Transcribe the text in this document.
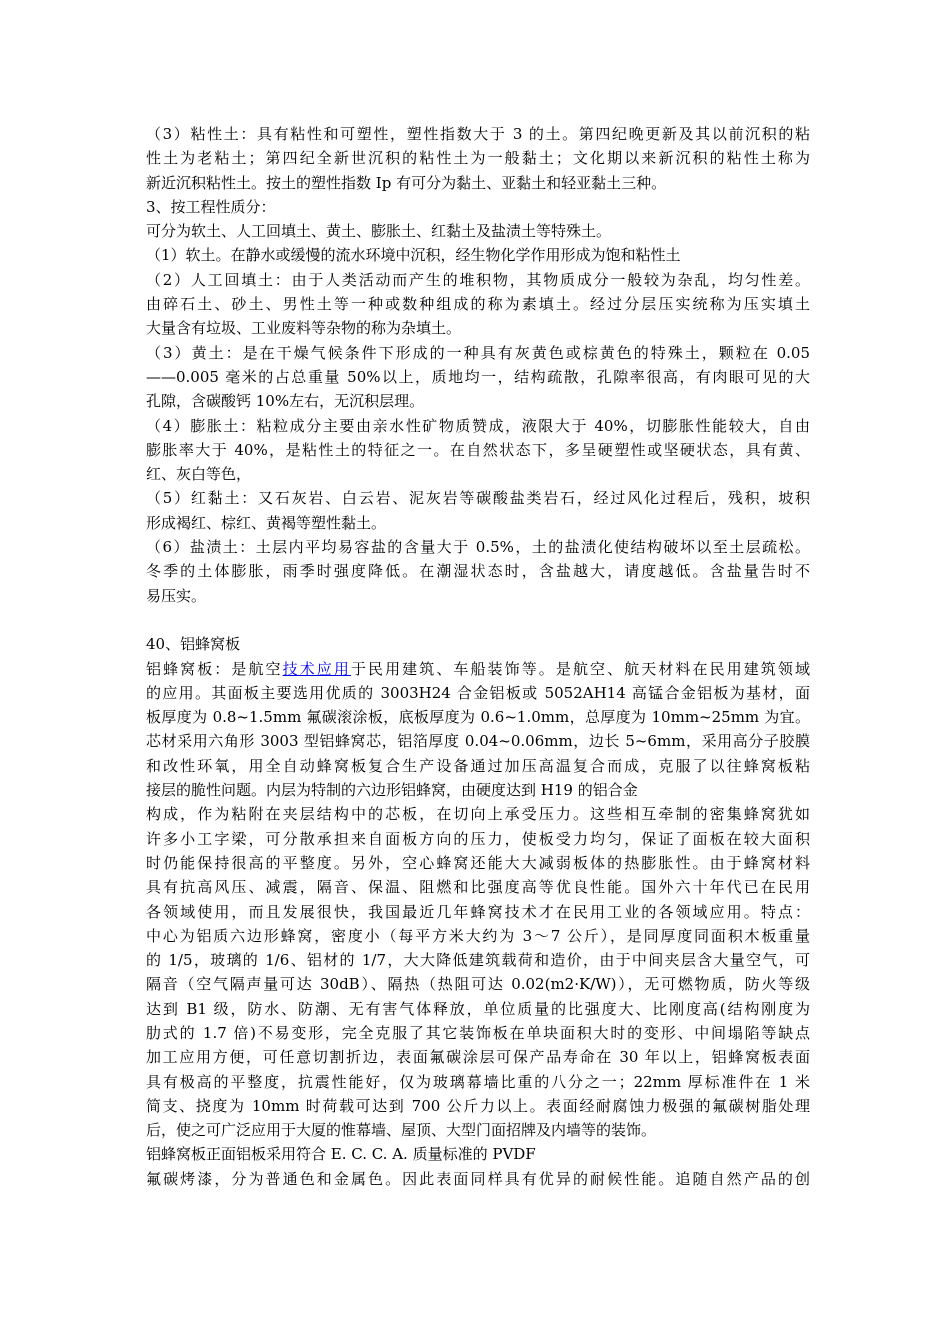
（3）粘性土：具有粘性和可塑性，塑性指数大于 3 的土。第四纪晚更新及其以前沉积的粘
性土为老粘土；第四纪全新世沉积的粘性土为一般黏土；文化期以来新沉积的粘性土称为
新近沉积粘性土。按土的塑性指数 Ip 有可分为黏土、亚黏土和轻亚黏土三种。
3、按工程性质分：
可分为软土、人工回填土、黄土、膨胀土、红黏土及盐渍土等特殊土。
（1）软土。在静水或缓慢的流水环境中沉积，经生物化学作用形成为饱和粘性土
（2）人工回填土：由于人类活动而产生的堆积物，其物质成分一般较为杂乱，均匀性差。
由碎石土、砂土、男性土等一种或数种组成的称为素填土。经过分层压实统称为压实填土
大量含有垃圾、工业废料等杂物的称为杂填土。
（3）黄土：是在干燥气候条件下形成的一种具有灰黄色或棕黄色的特殊土，颗粒在 0.05
——0.005 毫米的占总重量 50%以上，质地均一，结构疏散，孔隙率很高，有肉眼可见的大
孔隙，含碳酸钙 10%左右，无沉积层理。
（4）膨胀土：粘粒成分主要由亲水性矿物质赞成，液限大于 40%，切膨胀性能较大，自由
膨胀率大于 40%，是粘性土的特征之一。在自然状态下，多呈硬塑性或坚硬状态，具有黄、
红、灰白等色，
（5）红黏土：又石灰岩、白云岩、泥灰岩等碳酸盐类岩石，经过风化过程后，残积，坡积
形成褐红、棕红、黄褐等塑性黏土。
（6）盐渍土：土层内平均易容盐的含量大于 0.5%，土的盐渍化使结构破坏以至土层疏松。
冬季的土体膨胀，雨季时强度降低。在潮湿状态时，含盐越大，请度越低。含盐量告时不
易压实。
40、铝蜂窝板
铝蜂窝板：是航空技术应用于民用建筑、车船装饰等。是航空、航天材料在民用建筑领域
的应用。其面板主要选用优质的 3003H24 合金铝板或 5052AH14 高锰合金铝板为基材，面
板厚度为 0.8~1.5mm 氟碳滚涂板，底板厚度为 0.6~1.0mm，总厚度为 10mm~25mm 为宜。
芯材采用六角形 3003 型铝蜂窝芯，铝箔厚度 0.04~0.06mm，边长 5~6mm，采用高分子胶膜
和改性环氧，用全自动蜂窝板复合生产设备通过加压高温复合而成，克服了以往蜂窝板粘
接层的脆性问题。内层为特制的六边形铝蜂窝，由硬度达到 H19 的铝合金
构成，作为粘附在夹层结构中的芯板，在切向上承受压力。这些相互牵制的密集蜂窝犹如
许多小工字梁，可分散承担来自面板方向的压力，使板受力均匀，保证了面板在较大面积
时仍能保持很高的平整度。另外，空心蜂窝还能大大减弱板体的热膨胀性。由于蜂窝材料
具有抗高风压、减震，隔音、保温、阻燃和比强度高等优良性能。国外六十年代已在民用
各领域使用，而且发展很快，我国最近几年蜂窝技术才在民用工业的各领域应用。特点：
中心为铝质六边形蜂窝，密度小（每平方米大约为 3～7 公斤），是同厚度同面积木板重量
的 1/5，玻璃的 1/6、铝材的 1/7，大大降低建筑载荷和造价，由于中间夹层含大量空气，可
隔音（空气隔声量可达 30dB）、隔热（热阻可达 0.02(m2·K/W)），无可燃物质，防火等级
达到 B1 级，防水、防潮、无有害气体释放，单位质量的比强度大、比刚度高(结构刚度为
肋式的 1.7 倍)不易变形，完全克服了其它装饰板在单块面积大时的变形、中间塌陷等缺点
加工应用方便，可任意切割折边，表面氟碳涂层可保产品寿命在 30 年以上，铝蜂窝板表面
具有极高的平整度，抗震性能好，仅为玻璃幕墙比重的八分之一；22mm 厚标准件在 1 米
简支、挠度为 10mm 时荷载可达到 700 公斤力以上。表面经耐腐蚀力极强的氟碳树脂处理
后，使之可广泛应用于大厦的惟幕墙、屋顶、大型门面招牌及内墙等的装饰。
铝蜂窝板正面铝板采用符合 E. C. C. A. 质量标准的 PVDF
氟碳烤漆，分为普通色和金属色。因此表面同样具有优异的耐候性能。追随自然产品的创
